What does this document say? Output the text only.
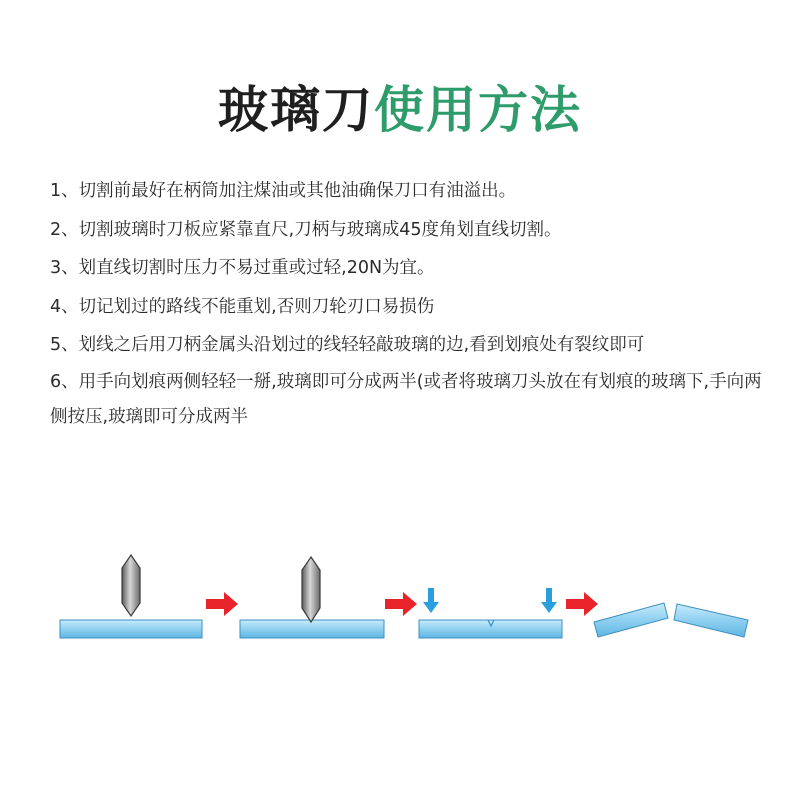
玻璃刀使用方法
1、切割前最好在柄筒加注煤油或其他油确保刀口有油溢出。
2、切割玻璃时刀板应紧靠直尺,刀柄与玻璃成45度角划直线切割。
3、划直线切割时压力不易过重或过轻,20N为宜。
4、切记划过的路线不能重划,否则刀轮刃口易损伤
5、划线之后用刀柄金属头沿划过的线轻轻敲玻璃的边,看到划痕处有裂纹即可
6、用手向划痕两侧轻轻一掰,玻璃即可分成两半(或者将玻璃刀头放在有划痕的玻璃下,手向两侧按压,玻璃即可分成两半
